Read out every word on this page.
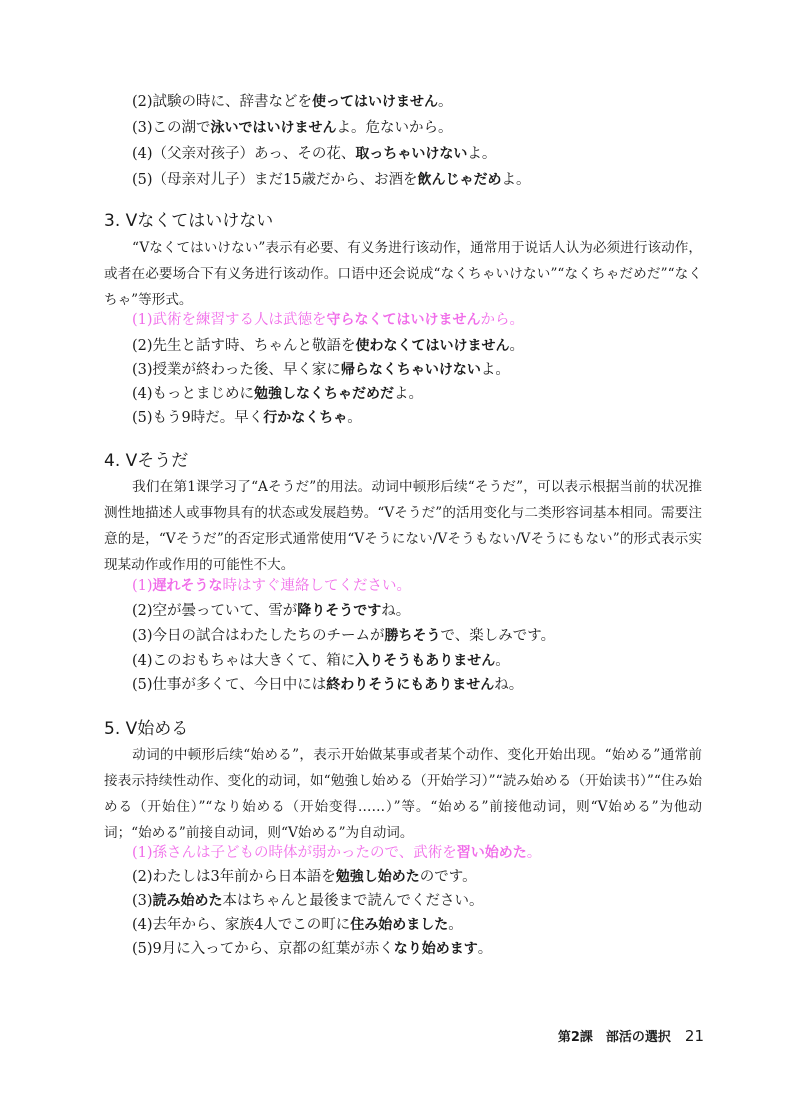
(2)試験の時に、辞書などを使ってはいけません。
(3)この湖で泳いではいけませんよ。危ないから。
(4)（父亲对孩子）あっ、その花、取っちゃいけないよ。
(5)（母亲对儿子）まだ15歳だから、お酒を飲んじゃだめよ。
3. Vなくてはいけない
“Vなくてはいけない”表示有必要、有义务进行该动作，通常用于说话人认为必须进行该动作，或者在必要场合下有义务进行该动作。口语中还会说成“なくちゃいけない”“なくちゃだめだ”“なくちゃ”等形式。
(1)武術を練習する人は武徳を守らなくてはいけませんから。
(2)先生と話す時、ちゃんと敬語を使わなくてはいけません。
(3)授業が終わった後、早く家に帰らなくちゃいけないよ。
(4)もっとまじめに勉強しなくちゃだめだよ。
(5)もう9時だ。早く行かなくちゃ。
4. Vそうだ
我们在第1课学习了“Aそうだ”的用法。动词中顿形后续“そうだ”，可以表示根据当前的状况推测性地描述人或事物具有的状态或发展趋势。“Vそうだ”的活用变化与二类形容词基本相同。需要注意的是，“Vそうだ”的否定形式通常使用“Vそうにない/Vそうもない/Vそうにもない”的形式表示实现某动作或作用的可能性不大。
(1)遅れそうな時はすぐ連絡してください。
(2)空が曇っていて、雪が降りそうですね。
(3)今日の試合はわたしたちのチームが勝ちそうで、楽しみです。
(4)このおもちゃは大きくて、箱に入りそうもありません。
(5)仕事が多くて、今日中には終わりそうにもありませんね。
5. V始める
动词的中顿形后续“始める”，表示开始做某事或者某个动作、变化开始出现。“始める”通常前接表示持续性动作、变化的动词，如“勉強し始める（开始学习）”“読み始める（开始读书）”“住み始める（开始住）”“なり始める（开始变得……）”等。“始める”前接他动词，则“V始める”为他动词；“始める”前接自动词，则“V始める”为自动词。
(1)孫さんは子どもの時体が弱かったので、武術を習い始めた。
(2)わたしは3年前から日本語を勉強し始めたのです。
(3)読み始めた本はちゃんと最後まで読んでください。
(4)去年から、家族4人でこの町に住み始めました。
(5)9月に入ってから、京都の紅葉が赤くなり始めます。
第2課　部活の選択 21
